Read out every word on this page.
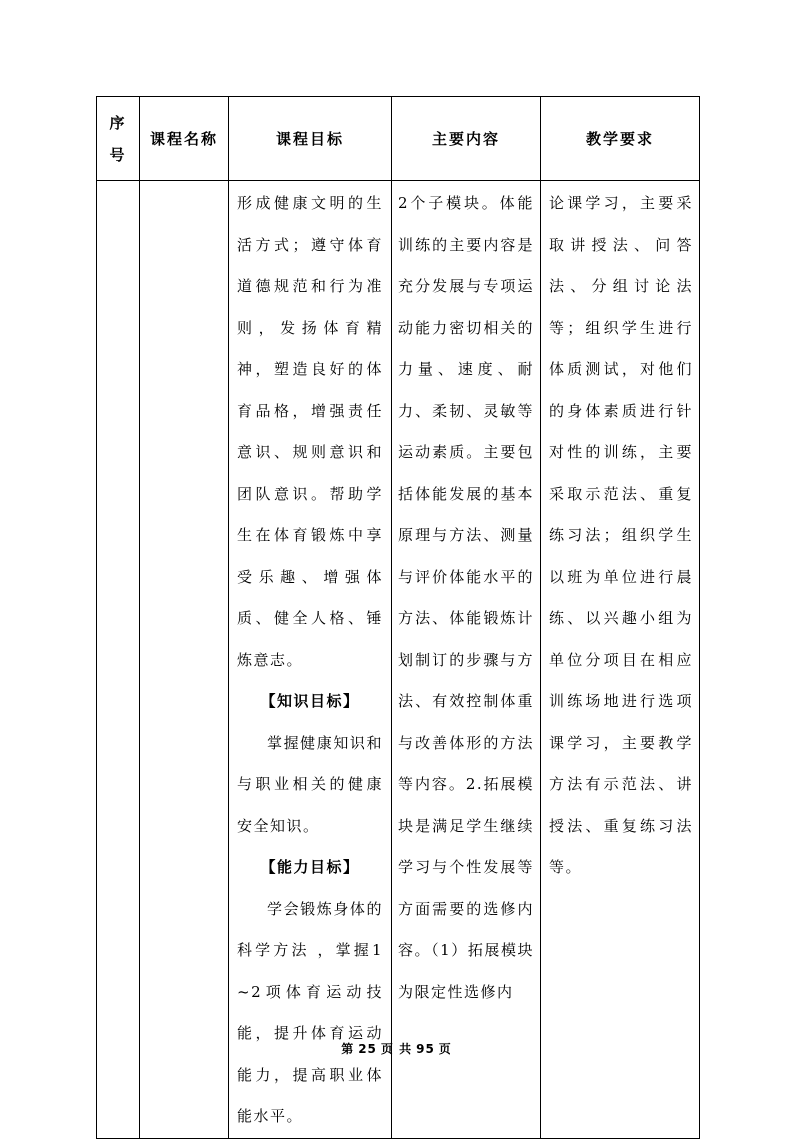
序
号	课程名称	课程目标	主要内容	教学要求

		形成健康文明的生活方式；遵守体育道德规范和行为准则，发扬体育精神，塑造良好的体育品格，增强责任意识、规则意识和团队意识。帮助学生在体育锻炼中享受乐趣、增强体质、健全人格、锤炼意志。

【知识目标】

掌握健康知识和与职业相关的健康安全知识。

【能力目标】

学会锻炼身体的科学方法 ，掌握1~2项体育运动技能，提升体育运动能力，提高职业体能水平。	2个子模块。体能训练的主要内容是充分发展与专项运动能力密切相关的力量、速度、耐力、柔韧、灵敏等运动素质。主要包括体能发展的基本原理与方法、测量与评价体能水平的方法、体能锻炼计划制订的步骤与方法、有效控制体重与改善体形的方法等内容。2.拓展模块是满足学生继续学习与个性发展等方面需要的选修内容。（1）拓展模块为限定性选修内	论课学习，主要采取讲授法、问答法、分组讨论法等；组织学生进行体质测试，对他们的身体素质进行针对性的训练，主要采取示范法、重复练习法；组织学生以班为单位进行晨练、以兴趣小组为单位分项目在相应训练场地进行选项课学习，主要教学方法有示范法、讲授法、重复练习法等。
第 25 页 共 95 页
